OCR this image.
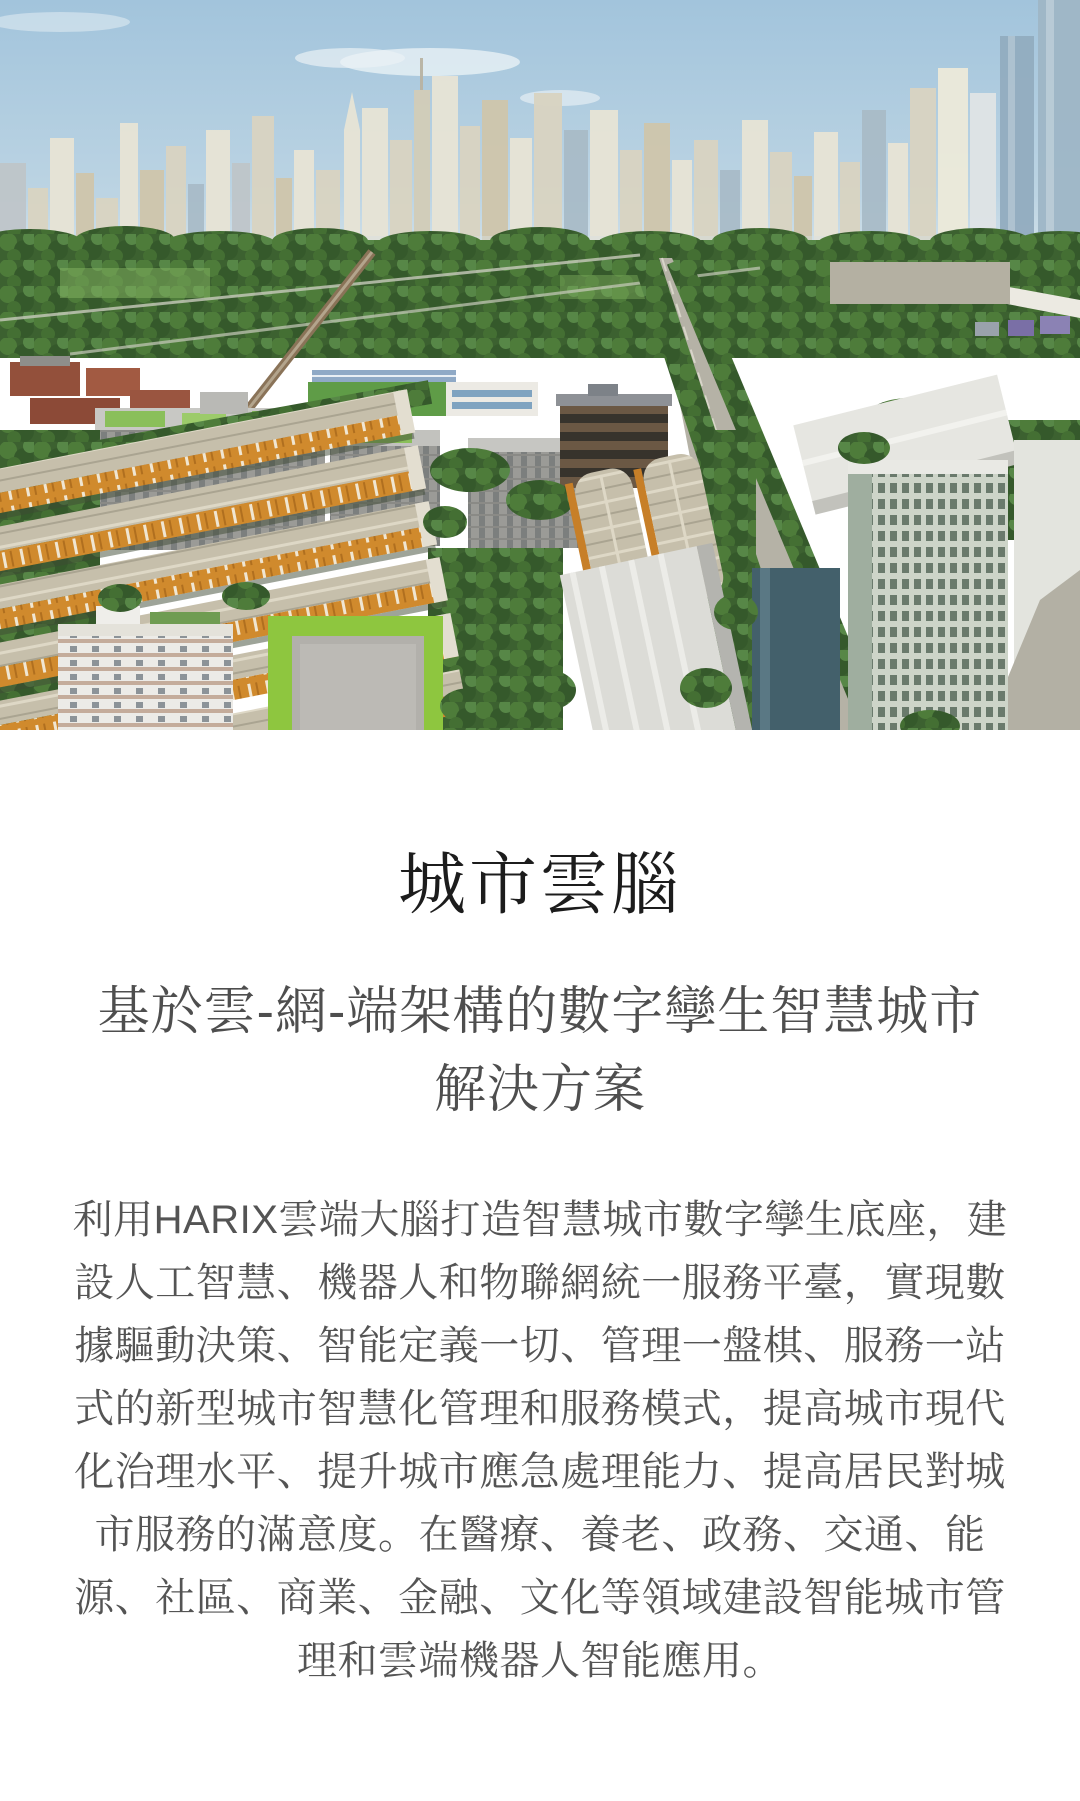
城市雲腦
基於雲-網-端架構的數字孿生智慧城市解決方案

利用HARIX雲端大腦打造智慧城市數字孿生底座，建設人工智慧、機器人和物聯網統一服務平臺，實現數據驅動決策、智能定義一切、管理一盤棋、服務一站式的新型城市智慧化管理和服務模式，提高城市現代化治理水平、提升城市應急處理能力、提高居民對城市服務的滿意度。在醫療、養老、政務、交通、能源、社區、商業、金融、文化等領域建設智能城市管理和雲端機器人智能應用。
